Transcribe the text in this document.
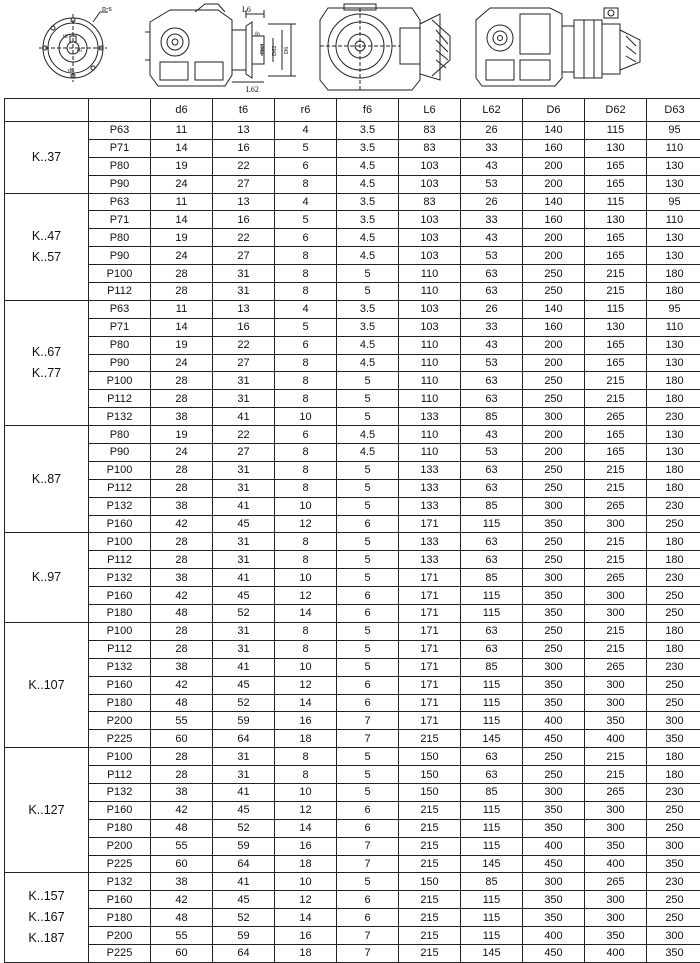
n-s
t6
r6
d6
L6
f6
D63 D62 D6
L62
		d6	t6	r6	f6	L6	L62	D6	D62	D63

K..37	P63	11	13	4	3.5	83	26	140	115	95
	P71	14	16	5	3.5	83	33	160	130	110
	P80	19	22	6	4.5	103	43	200	165	130
	P90	24	27	8	4.5	103	53	200	165	130

K..47
K..57	P63	11	13	4	3.5	83	26	140	115	95
	P71	14	16	5	3.5	103	33	160	130	110
	P80	19	22	6	4.5	103	43	200	165	130
	P90	24	27	8	4.5	103	53	200	165	130
	P100	28	31	8	5	110	63	250	215	180
	P112	28	31	8	5	110	63	250	215	180

K..67
K..77	P63	11	13	4	3.5	103	26	140	115	95
	P71	14	16	5	3.5	103	33	160	130	110
	P80	19	22	6	4.5	110	43	200	165	130
	P90	24	27	8	4.5	110	53	200	165	130
	P100	28	31	8	5	110	63	250	215	180
	P112	28	31	8	5	110	63	250	215	180
	P132	38	41	10	5	133	85	300	265	230

K..87	P80	19	22	6	4.5	110	43	200	165	130
	P90	24	27	8	4.5	110	53	200	165	130
	P100	28	31	8	5	133	63	250	215	180
	P112	28	31	8	5	133	63	250	215	180
	P132	38	41	10	5	133	85	300	265	230
	P160	42	45	12	6	171	115	350	300	250

K..97	P100	28	31	8	5	133	63	250	215	180
	P112	28	31	8	5	133	63	250	215	180
	P132	38	41	10	5	171	85	300	265	230
	P160	42	45	12	6	171	115	350	300	250
	P180	48	52	14	6	171	115	350	300	250

K..107	P100	28	31	8	5	171	63	250	215	180
	P112	28	31	8	5	171	63	250	215	180
	P132	38	41	10	5	171	85	300	265	230
	P160	42	45	12	6	171	115	350	300	250
	P180	48	52	14	6	171	115	350	300	250
	P200	55	59	16	7	171	115	400	350	300
	P225	60	64	18	7	215	145	450	400	350

K..127	P100	28	31	8	5	150	63	250	215	180
	P112	28	31	8	5	150	63	250	215	180
	P132	38	41	10	5	150	85	300	265	230
	P160	42	45	12	6	215	115	350	300	250
	P180	48	52	14	6	215	115	350	300	250
	P200	55	59	16	7	215	115	400	350	300
	P225	60	64	18	7	215	145	450	400	350

K..157
K..167
K..187	P132	38	41	10	5	150	85	300	265	230
	P160	42	45	12	6	215	115	350	300	250
	P180	48	52	14	6	215	115	350	300	250
	P200	55	59	16	7	215	115	400	350	300
	P225	60	64	18	7	215	145	450	400	350
